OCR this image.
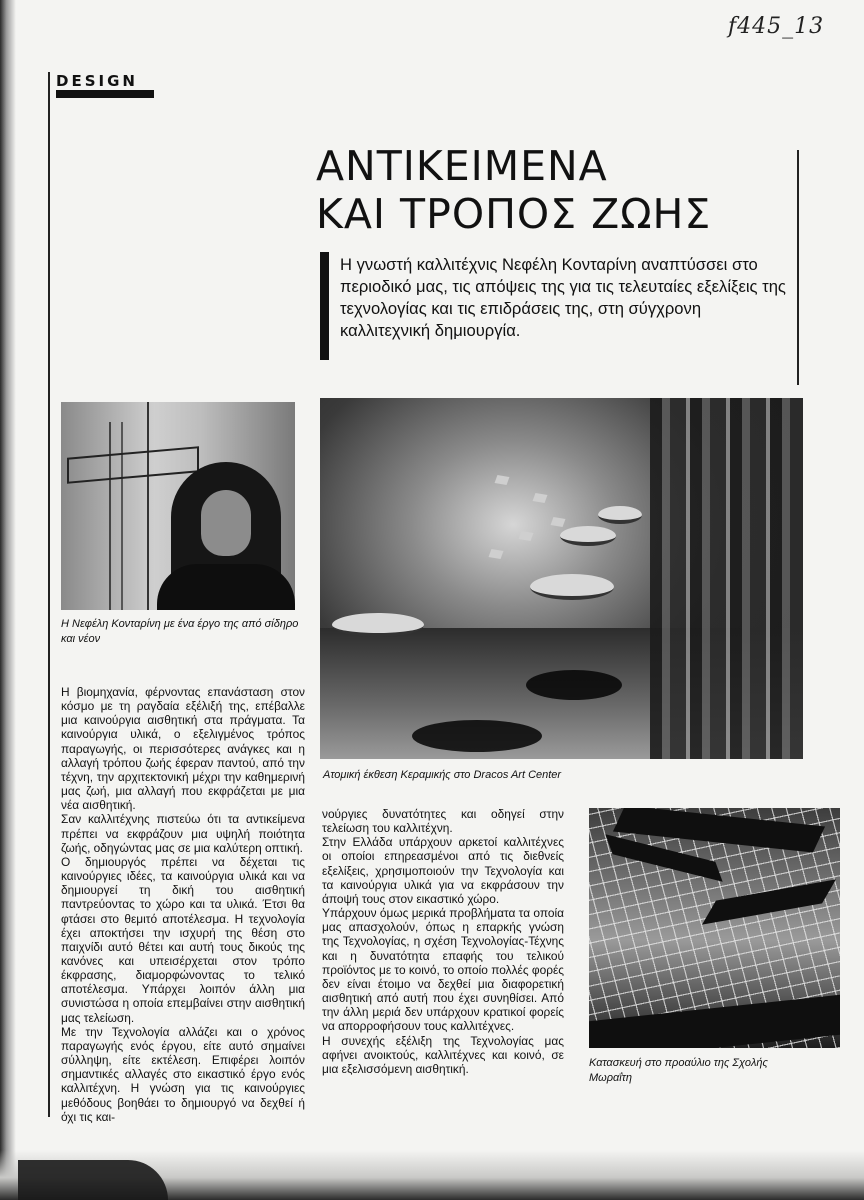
f445_13
DESIGN
ΑΝΤΙΚΕΙΜΕΝΑ
ΚΑΙ ΤΡΟΠΟΣ ΖΩΗΣ
Η γνωστή καλλιτέχνις Νεφέλη Κονταρίνη αναπτύσσει στο περιοδικό μας, τις απόψεις της για τις τελευταίες εξελίξεις της τεχνολογίας και τις επιδράσεις της, στη σύγχρονη καλλιτεχνική δημιουργία.
Η Νεφέλη Κονταρίνη με ένα έργο της από σίδηρο και νέον
Ατομική έκθεση Κεραμικής στο Dracos Art Center
Κατασκευή στο προαύλιο της Σχολής Μωραΐτη

Η βιομηχανία, φέρνοντας επανάσταση στον κόσμο με τη ραγδαία εξέλιξή της, επέβαλλε μια καινούργια αισθητική στα πράγματα. Τα καινούργια υλικά, ο εξελιγμένος τρόπος παραγωγής, οι περισσότερες ανάγκες και η αλλαγή τρόπου ζωής έφεραν παντού, από την τέχνη, την αρχιτεκτονική μέχρι την καθημερινή μας ζωή, μια αλλαγή που εκφράζεται με μια νέα αισθητική.

Σαν καλλιτέχνης πιστεύω ότι τα αντικείμενα πρέπει να εκφράζουν μια υψηλή ποιότητα ζωής, οδηγώντας μας σε μια καλύτερη οπτική.

Ο δημιουργός πρέπει να δέχεται τις καινούργιες ιδέες, τα καινούργια υλικά και να δημιουργεί τη δική του αισθητική παντρεύοντας το χώρο και τα υλικά. Έτσι θα φτάσει στο θεμιτό αποτέλεσμα. Η τεχνολογία έχει αποκτήσει την ισχυρή της θέση στο παιχνίδι αυτό θέτει και αυτή τους δικούς της κανόνες και υπεισέρχεται στον τρόπο έκφρασης, διαμορφώνοντας το τελικό αποτέλεσμα. Υπάρχει λοιπόν άλλη μια συνιστώσα η οποία επεμβαίνει στην αισθητική μας τελείωση.

Με την Τεχνολογία αλλάζει και ο χρόνος παραγωγής ενός έργου, είτε αυτό σημαίνει σύλληψη, είτε εκτέλεση. Επιφέρει λοιπόν σημαντικές αλλαγές στο εικαστικό έργο ενός καλλιτέχνη. Η γνώση για τις καινούργιες μεθόδους βοηθάει το δημιουργό να δεχθεί ή όχι τις και-

νούργιες δυνατότητες και οδηγεί στην τελείωση του καλλιτέχνη.

Στην Ελλάδα υπάρχουν αρκετοί καλλιτέχνες οι οποίοι επηρεασμένοι από τις διεθνείς εξελίξεις, χρησιμοποιούν την Τεχνολογία και τα καινούργια υλικά για να εκφράσουν την άποψή τους στον εικαστικό χώρο.

Υπάρχουν όμως μερικά προβλήματα τα οποία μας απασχολούν, όπως η επαρκής γνώση της Τεχνολογίας, η σχέση Τεχνολογίας-Τέχνης και η δυνατότητα επαφής του τελικού προϊόντος με το κοινό, το οποίο πολλές φορές δεν είναι έτοιμο να δεχθεί μια διαφορετική αισθητική από αυτή που έχει συνηθίσει. Από την άλλη μεριά δεν υπάρχουν κρατικοί φορείς να απορροφήσουν τους καλλιτέχνες.

Η συνεχής εξέλιξη της Τεχνολογίας μας αφήνει ανοικτούς, καλλιτέχνες και κοινό, σε μια εξελισσόμενη αισθητική.
